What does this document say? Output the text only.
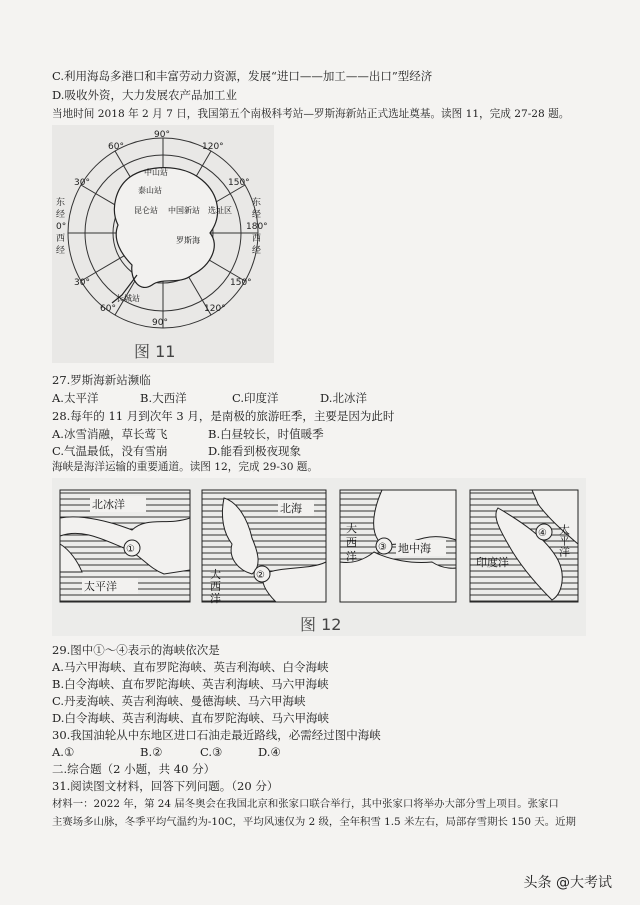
C.利用海岛多港口和丰富劳动力资源，发展“进口——加工——出口”型经济
D.吸收外资，大力发展农产品加工业
当地时间 2018 年 2 月 7 日，我国第五个南极科考站—罗斯海新站正式选址奠基。读图 11，完成 27-28 题。
90°
120°
60°
150°
30°
150°
30°
60°	120°
90°
东
经
0°
西
经
东
经
180°
西
经
中山站
泰山站
昆仑站 中国新站 选址区
罗斯 海
长城站
图 11
27.罗斯海新站濒临
A.太平洋	B.大西洋	C.印度洋	D.北冰洋
28.每年的 11 月到次年 3 月，是南极的旅游旺季，主要是因为此时
A.冰雪消融，草长莺飞	B.白昼较长，时值暖季
C.气温最低，没有雪崩	D.能看到极夜现象
海峡是海洋运输的重要通道。读图 12，完成 29-30 题。
北冰洋
太平洋
①
北海
大
西
洋
②
大
西
洋
地中海
③	太平洋
印度洋
④
图 12
29.图中①～④表示的海峡依次是
A.马六甲海峡、直布罗陀海峡、英吉利海峡、白令海峡
B.白令海峡、直布罗陀海峡、英吉利海峡、马六甲海峡
C.丹麦海峡、英吉利海峡、曼德海峡、马六甲海峡
D.白令海峡、英吉利海峡、直布罗陀海峡、马六甲海峡
30.我国油轮从中东地区进口石油走最近路线，必需经过图中海峡
A.①	B.②	C.③	D.④
二.综合题（2 小题，共 40 分）
31.阅读图文材料，回答下列问题。（20 分）
材料一：2022 年，第 24 届冬奥会在我国北京和张家口联合举行，其中张家口将举办大部分雪上项目。张家口
主赛场多山脉，冬季平均气温约为-10C，平均风速仅为 2 级，全年积雪 1.5 米左右，局部存雪期长 150 天。近期
头条 @大考试
